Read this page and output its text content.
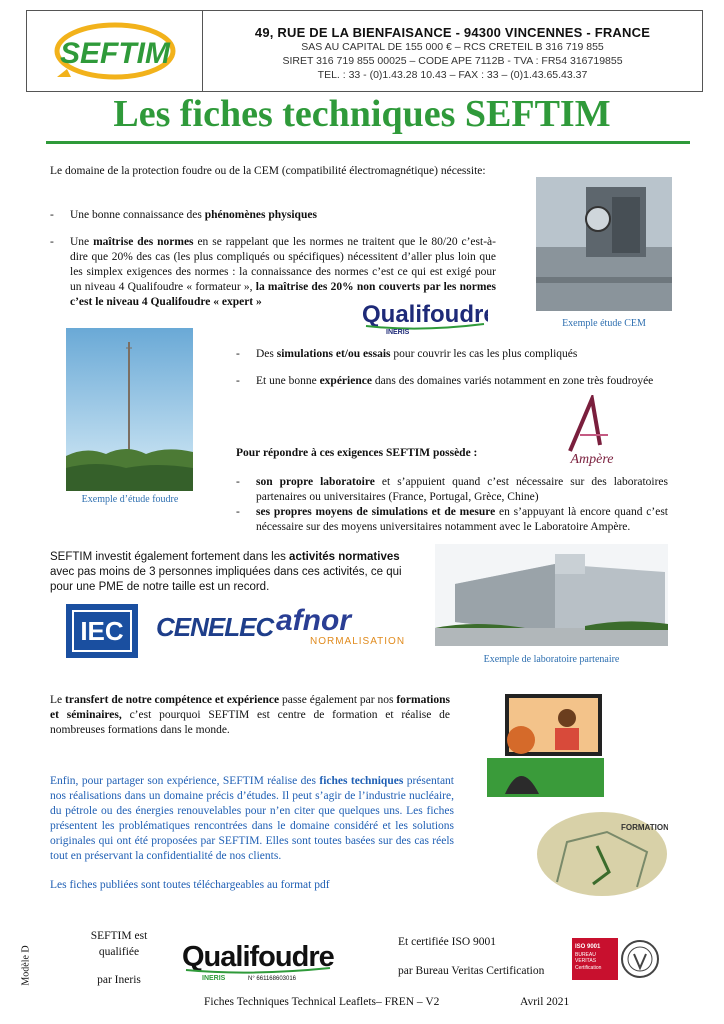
SEFTIM
49, RUE DE LA BIENFAISANCE - 94300 VINCENNES - FRANCE
SAS AU CAPITAL DE 155 000 € – RCS CRETEIL B 316 719 855
SIRET 316 719 855 00025 – CODE APE 7112B - TVA : FR54 316719855
TEL. : 33 - (0)1.43.28 10.43 – FAX : 33 – (0)1.43.65.43.37
Les fiches techniques SEFTIM
Le domaine de la protection foudre ou de la CEM (compatibilité électromagnétique) nécessite:
- Une bonne connaissance des phénomènes physiques
- Une maîtrise des normes en se rappelant que les normes ne traitent que le 80/20 c’est-à-dire que 20% des cas (les plus compliqués ou spécifiques) nécessitent d’aller plus loin que les simplex exigences des normes : la connaissance des normes c’est ce qui est exigé pour un niveau 4 Qualifoudre « formateur », la maîtrise des 20% non couverts par les normes c’est le niveau 4 Qualifoudre « expert »	Qualifoudre
INERIS
Exemple étude CEM
Exemple d’étude foudre
- Des simulations et/ou essais pour couvrir les cas les plus compliqués
- Et une bonne expérience dans des domaines variés notamment en zone très foudroyée
Ampère
Pour répondre à ces exigences SEFTIM possède :
- son propre laboratoire et s’appuient quand c’est nécessaire sur des laboratoires partenaires ou universitaires (France, Portugal, Grèce, Chine)
- ses propres moyens de simulations et de mesure en s’appuyant là encore quand c’est nécessaire sur des moyens universitaires notamment avec le Laboratoire Ampère.
SEFTIM investit également fortement dans les activités normatives avec pas moins de 3 personnes impliquées dans ces activités, ce qui pour une PME de notre taille est un record.
IEC	CENELEC afnor
NORMALISATION
Exemple de laboratoire partenaire
Le transfert de notre compétence et expérience passe également par nos formations et séminaires, c’est pourquoi SEFTIM est centre de formation et réalise de nombreuses formations dans le monde.
Enfin, pour partager son expérience, SEFTIM réalise des fiches techniques présentant nos réalisations dans un domaine précis d’études. Il peut s’agir de l’industrie nucléaire, du pétrole ou des énergies renouvelables pour n’en citer que quelques uns. Les fiches présentent les problématiques rencontrées dans le domaine considéré et les solutions originales qui ont été proposées par SEFTIM. Elles sont toutes basées sur des cas réels tout en préservant la confidentialité de nos clients.
Les fiches publiées sont toutes téléchargeables au format pdf
FORMATION
Modèle D
SEFTIM est
qualifiée
par Ineris
Qualifoudre
INERIS	N° 661168603016
Et certifiée ISO 9001
par Bureau Veritas Certification
ISO 9001
BUREAU VERITAS
Certification
Fiches Techniques Technical Leaflets– FREN – V2	Avril 2021
